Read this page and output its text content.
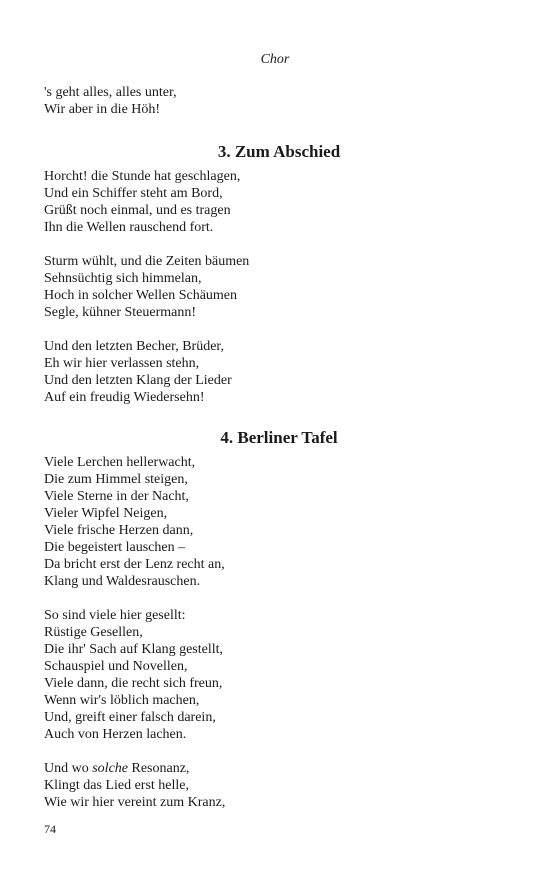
Chor

's geht alles, alles unter,
Wir aber in die Höh!

3. Zum Abschied

Horcht! die Stunde hat geschlagen,
Und ein Schiffer steht am Bord,
Grüßt noch einmal, und es tragen
Ihn die Wellen rauschend fort.

Sturm wühlt, und die Zeiten bäumen
Sehnsüchtig sich himmelan,
Hoch in solcher Wellen Schäumen
Segle, kühner Steuermann!

Und den letzten Becher, Brüder,
Eh wir hier verlassen stehn,
Und den letzten Klang der Lieder
Auf ein freudig Wiedersehn!

4. Berliner Tafel

Viele Lerchen hellerwacht,
Die zum Himmel steigen,
Viele Sterne in der Nacht,
Vieler Wipfel Neigen,
Viele frische Herzen dann,
Die begeistert lauschen –
Da bricht erst der Lenz recht an,
Klang und Waldesrauschen.

So sind viele hier gesellt:
Rüstige Gesellen,
Die ihr' Sach auf Klang gestellt,
Schauspiel und Novellen,
Viele dann, die recht sich freun,
Wenn wir's löblich machen,
Und, greift einer falsch darein,
Auch von Herzen lachen.

Und wo solche Resonanz,
Klingt das Lied erst helle,
Wie wir hier vereint zum Kranz,

74
